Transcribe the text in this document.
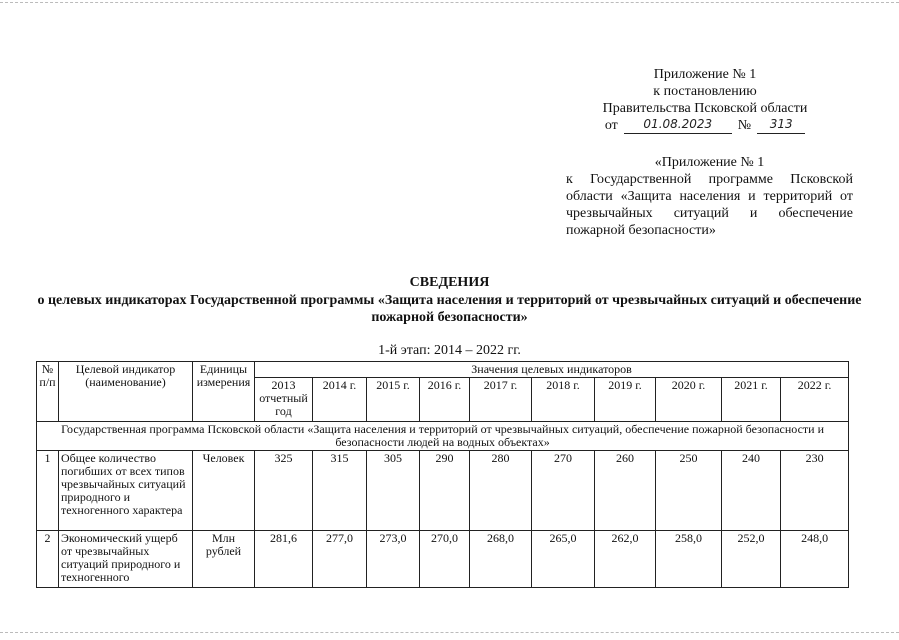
Приложение № 1
к постановлению
Правительства Псковской области
от	01.08.2023	№	313
«Приложение № 1
к Государственной программе Псковской области «Защита населения и территорий от чрезвычайных ситуаций и обеспечение пожарной безопасности»
СВЕДЕНИЯ
о целевых индикаторах Государственной программы «Защита населения и территорий от чрезвычайных ситуаций и обеспечение пожарной безопасности»
1-й этап: 2014 – 2022 гг.
№ п/п	Целевой индикатор (наименование)	Единицы измерения	Значения целевых индикаторов									
			2013 отчетный год	2014 г.	2015 г.	2016 г.	2017 г.	2018 г.	2019 г.	2020 г.	2021 г.	2022 г.
Государственная программа Псковской области «Защита населения и территорий от чрезвычайных ситуаций, обеспечение пожарной безопасности и безопасности людей на водных объектах»												
1	Общее количество погибших от всех типов чрезвычайных ситуаций природного и техногенного характера	Человек	325	315	305	290	280	270	260	250	240	230
2	Экономический ущерб от чрезвычайных ситуаций природного и техногенного	Млн рублей	281,6	277,0	273,0	270,0	268,0	265,0	262,0	258,0	252,0	248,0
